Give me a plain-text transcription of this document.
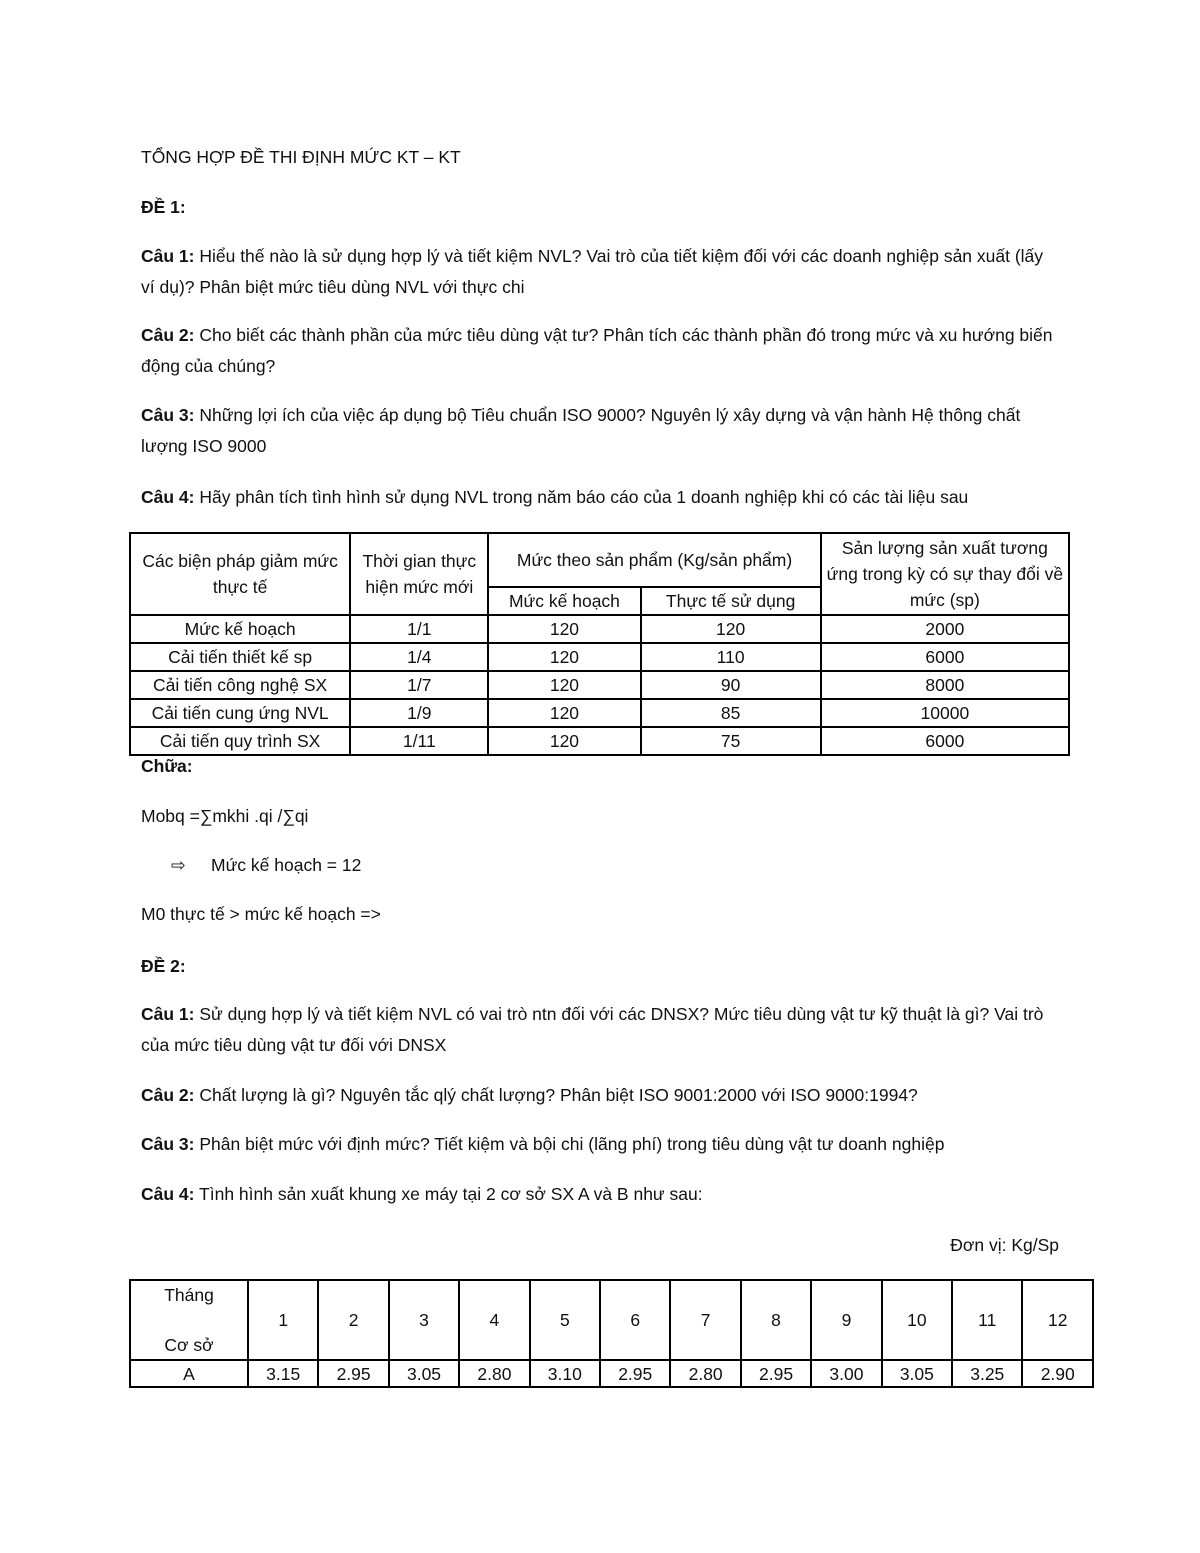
TỔNG HỢP ĐỀ THI ĐỊNH MỨC KT – KT
ĐỀ 1:
Câu 1: Hiểu thế nào là sử dụng hợp lý và tiết kiệm NVL? Vai trò của tiết kiệm đối với các doanh nghiệp sản xuất (lấy ví dụ)? Phân biệt mức tiêu dùng NVL với thực chi
Câu 2: Cho biết các thành phần của mức tiêu dùng vật tư? Phân tích các thành phần đó trong mức và xu hướng biến động của chúng?
Câu 3: Những lợi ích của việc áp dụng bộ Tiêu chuẩn ISO 9000? Nguyên lý xây dựng và vận hành Hệ thông chất lượng ISO 9000
Câu 4: Hãy phân tích tình hình sử dụng NVL trong năm báo cáo của 1 doanh nghiệp khi có các tài liệu sau
Các biện pháp giảm mức thực tế	Thời gian thực hiện mức mới	Mức theo sản phẩm (Kg/sản phẩm)		Sản lượng sản xuất tương ứng trong kỳ có sự thay đổi về mức (sp)
		Mức kế hoạch	Thực tế sử dụng	
Mức kế hoạch	1/1	120	120	2000
Cải tiến thiết kế sp	1/4	120	110	6000
Cải tiến công nghệ SX	1/7	120	90	8000
Cải tiến cung ứng NVL	1/9	120	85	10000
Cải tiến quy trình SX	1/11	120	75	6000
Chữa:
Mobq =∑mkhi .qi /∑qi
⇨ Mức kế hoạch = 12
M0 thực tế > mức kế hoạch =>
ĐỀ 2:
Câu 1: Sử dụng hợp lý và tiết kiệm NVL có vai trò ntn đối với các DNSX? Mức tiêu dùng vật tư kỹ thuật là gì? Vai trò của mức tiêu dùng vật tư đối với DNSX
Câu 2: Chất lượng là gì? Nguyên tắc qlý chất lượng? Phân biệt ISO 9001:2000 với ISO 9000:1994?
Câu 3: Phân biệt mức với định mức? Tiết kiệm và bội chi (lãng phí) trong tiêu dùng vật tư doanh nghiệp
Câu 4: Tình hình sản xuất khung xe máy tại 2 cơ sở SX A và B như sau:
Đơn vị: Kg/Sp
Tháng
Cơ sở	1	2	3	4	5	6	7	8	9	10	11	12
A	3.15	2.95	3.05	2.80	3.10	2.95	2.80	2.95	3.00	3.05	3.25	2.90
